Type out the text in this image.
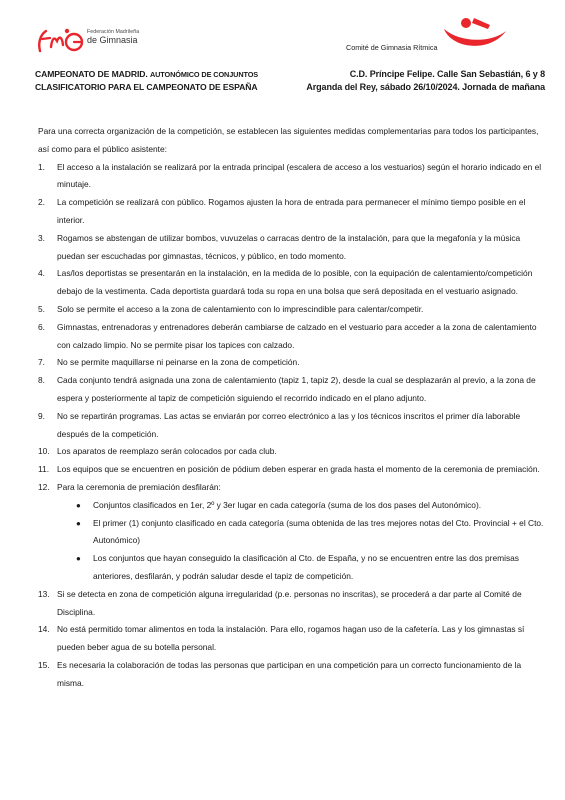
Federación Madrileña
de Gimnasia
Comité de Gimnasia Rítmica
CAMPEONATO DE MADRID. AUTONÓMICO DE CONJUNTOS
CLASIFICATORIO PARA EL CAMPEONATO DE ESPAÑA
C.D. Príncipe Felipe. Calle San Sebastián, 6 y 8
Arganda del Rey, sábado 26/10/2024. Jornada de mañana

Para una correcta organización de la competición, se establecen las siguientes medidas complementarias para todos los participantes, así como para el público asistente:

1. El acceso a la instalación se realizará por la entrada principal (escalera de acceso a los vestuarios) según el horario indicado en el minutaje.
2. La competición se realizará con público. Rogamos ajusten la hora de entrada para permanecer el mínimo tiempo posible en el interior.
3. Rogamos se abstengan de utilizar bombos, vuvuzelas o carracas dentro de la instalación, para que la megafonía y la música puedan ser escuchadas por gimnastas, técnicos, y público, en todo momento.
4. Las/los deportistas se presentarán en la instalación, en la medida de lo posible, con la equipación de calentamiento/competición debajo de la vestimenta. Cada deportista guardará toda su ropa en una bolsa que será depositada en el vestuario asignado.
5. Solo se permite el acceso a la zona de calentamiento con lo imprescindible para calentar/competir.
6. Gimnastas, entrenadoras y entrenadores deberán cambiarse de calzado en el vestuario para acceder a la zona de calentamiento con calzado limpio. No se permite pisar los tapices con calzado.
7. No se permite maquillarse ni peinarse en la zona de competición.
8. Cada conjunto tendrá asignada una zona de calentamiento (tapiz 1, tapiz 2), desde la cual se desplazarán al previo, a la zona de espera y posteriormente al tapiz de competición siguiendo el recorrido indicado en el plano adjunto.
9. No se repartirán programas. Las actas se enviarán por correo electrónico a las y los técnicos inscritos el primer día laborable después de la competición.
10. Los aparatos de reemplazo serán colocados por cada club.
11. Los equipos que se encuentren en posición de pódium deben esperar en grada hasta el momento de la ceremonia de premiación.
12. Para la ceremonia de premiación desfilarán:
● Conjuntos clasificados en 1er, 2º y 3er lugar en cada categoría (suma de los dos pases del Autonómico).
● El primer (1) conjunto clasificado en cada categoría (suma obtenida de las tres mejores notas del Cto. Provincial + el Cto. Autonómico)
● Los conjuntos que hayan conseguido la clasificación al Cto. de España, y no se encuentren entre las dos premisas anteriores, desfilarán, y podrán saludar desde el tapiz de competición.
13. Si se detecta en zona de competición alguna irregularidad (p.e. personas no inscritas), se procederá a dar parte al Comité de Disciplina.
14. No está permitido tomar alimentos en toda la instalación. Para ello, rogamos hagan uso de la cafetería. Las y los gimnastas sí pueden beber agua de su botella personal.
15. Es necesaria la colaboración de todas las personas que participan en una competición para un correcto funcionamiento de la misma.
